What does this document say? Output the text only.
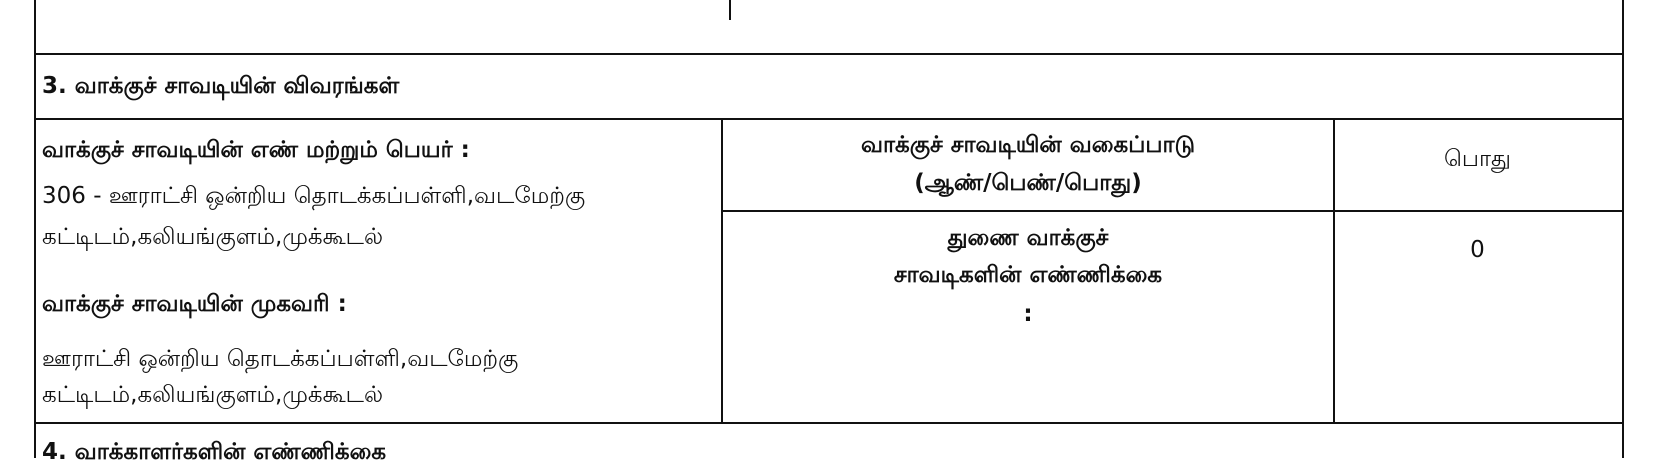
3. வாக்குச் சாவடியின் விவரங்கள்
வாக்குச் சாவடியின் எண் மற்றும் பெயர் :
306 - ஊராட்சி ஒன்றிய தொடக்கப்பள்ளி,வடமேற்கு
கட்டிடம்,கலியங்குளம்,முக்கூடல்
வாக்குச் சாவடியின் முகவரி :
ஊராட்சி ஒன்றிய தொடக்கப்பள்ளி,வடமேற்கு
கட்டிடம்,கலியங்குளம்,முக்கூடல்
வாக்குச் சாவடியின் வகைப்பாடு
(ஆண்/பெண்/பொது)
துணை வாக்குச்
சாவடிகளின் எண்ணிக்கை
:
பொது
0
4. வாக்காளர்களின் எண்ணிக்கை
